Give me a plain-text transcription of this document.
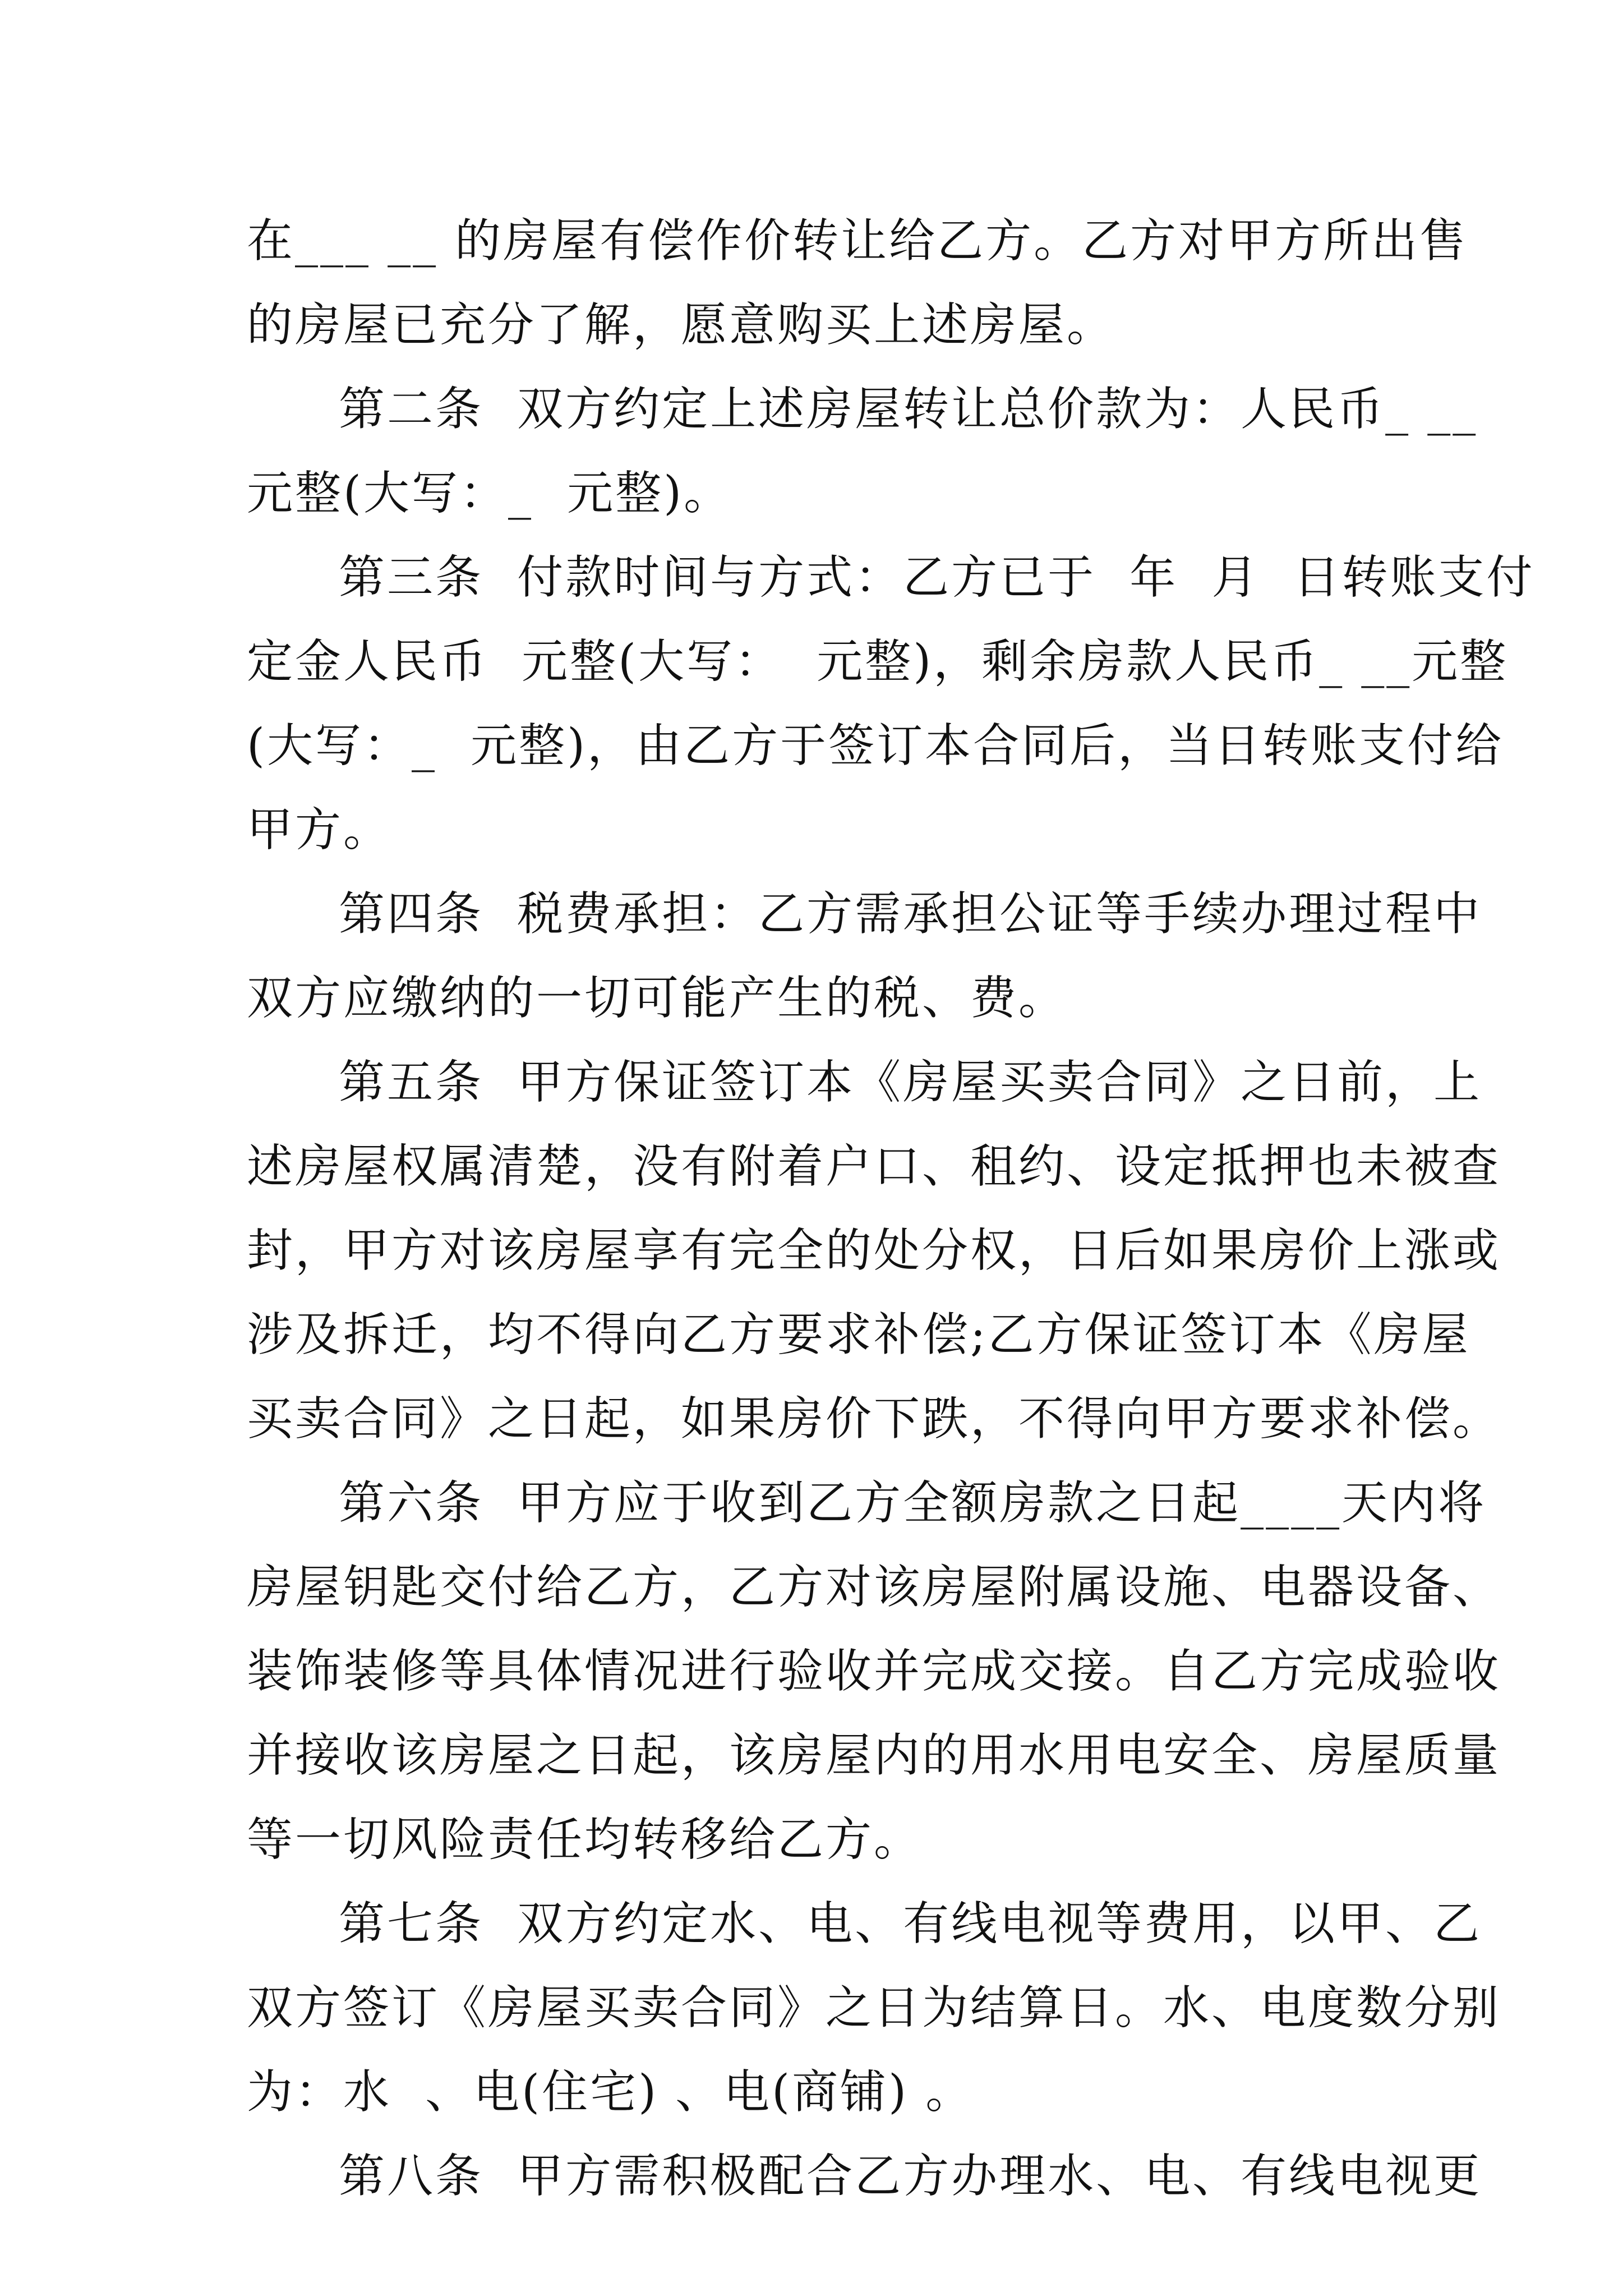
在___ __ 的房屋有偿作价转让给乙方。乙方对甲方所出售
的房屋已充分了解，愿意购买上述房屋。
第二条  双方约定上述房屋转让总价款为：人民币_ __
元整(大写：_  元整)。
第三条  付款时间与方式：乙方已于  年  月  日转账支付
定金人民币  元整(大写：  元整)，剩余房款人民币_ __元整
(大写：_  元整)，由乙方于签订本合同后，当日转账支付给
甲方。
第四条  税费承担：乙方需承担公证等手续办理过程中
双方应缴纳的一切可能产生的税、费。
第五条  甲方保证签订本《房屋买卖合同》之日前，上
述房屋权属清楚，没有附着户口、租约、设定抵押也未被查
封，甲方对该房屋享有完全的处分权，日后如果房价上涨或
涉及拆迁，均不得向乙方要求补偿;乙方保证签订本《房屋
买卖合同》之日起，如果房价下跌，不得向甲方要求补偿。
第六条  甲方应于收到乙方全额房款之日起____天内将
房屋钥匙交付给乙方，乙方对该房屋附属设施、电器设备、
装饰装修等具体情况进行验收并完成交接。自乙方完成验收
并接收该房屋之日起，该房屋内的用水用电安全、房屋质量
等一切风险责任均转移给乙方。
第七条  双方约定水、电、有线电视等费用，以甲、乙
双方签订《房屋买卖合同》之日为结算日。水、电度数分别
为：水  、电(住宅) 、电(商铺) 。
第八条  甲方需积极配合乙方办理水、电、有线电视更
